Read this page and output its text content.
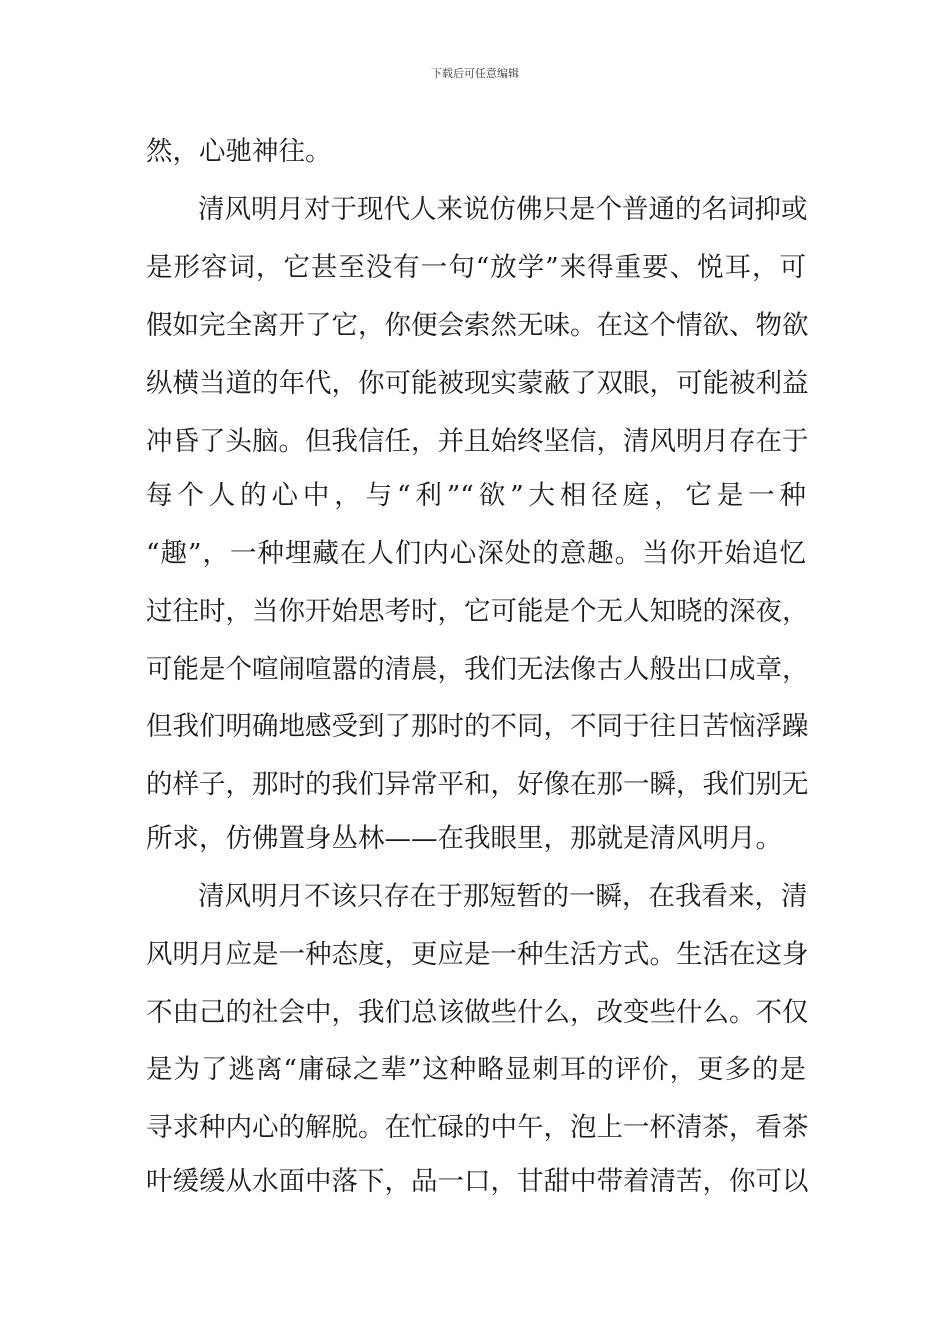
下载后可任意编辑
然，心驰神往。
清风明月对于现代人来说仿佛只是个普通的名词抑或
是形容词，它甚至没有一句“放学”来得重要、悦耳，可
假如完全离开了它，你便会索然无味。在这个情欲、物欲
纵横当道的年代，你可能被现实蒙蔽了双眼，可能被利益
冲昏了头脑。但我信任，并且始终坚信，清风明月存在于
每个人的心中，与“利”“欲”大相径庭，它是一种
“趣”，一种埋藏在人们内心深处的意趣。当你开始追忆
过往时，当你开始思考时，它可能是个无人知晓的深夜，
可能是个喧闹喧嚣的清晨，我们无法像古人般出口成章，
但我们明确地感受到了那时的不同，不同于往日苦恼浮躁
的样子，那时的我们异常平和，好像在那一瞬，我们别无
所求，仿佛置身丛林——在我眼里，那就是清风明月。
清风明月不该只存在于那短暂的一瞬，在我看来，清
风明月应是一种态度，更应是一种生活方式。生活在这身
不由己的社会中，我们总该做些什么，改变些什么。不仅
是为了逃离“庸碌之辈”这种略显刺耳的评价，更多的是
寻求种内心的解脱。在忙碌的中午，泡上一杯清茶，看茶
叶缓缓从水面中落下，品一口，甘甜中带着清苦，你可以
